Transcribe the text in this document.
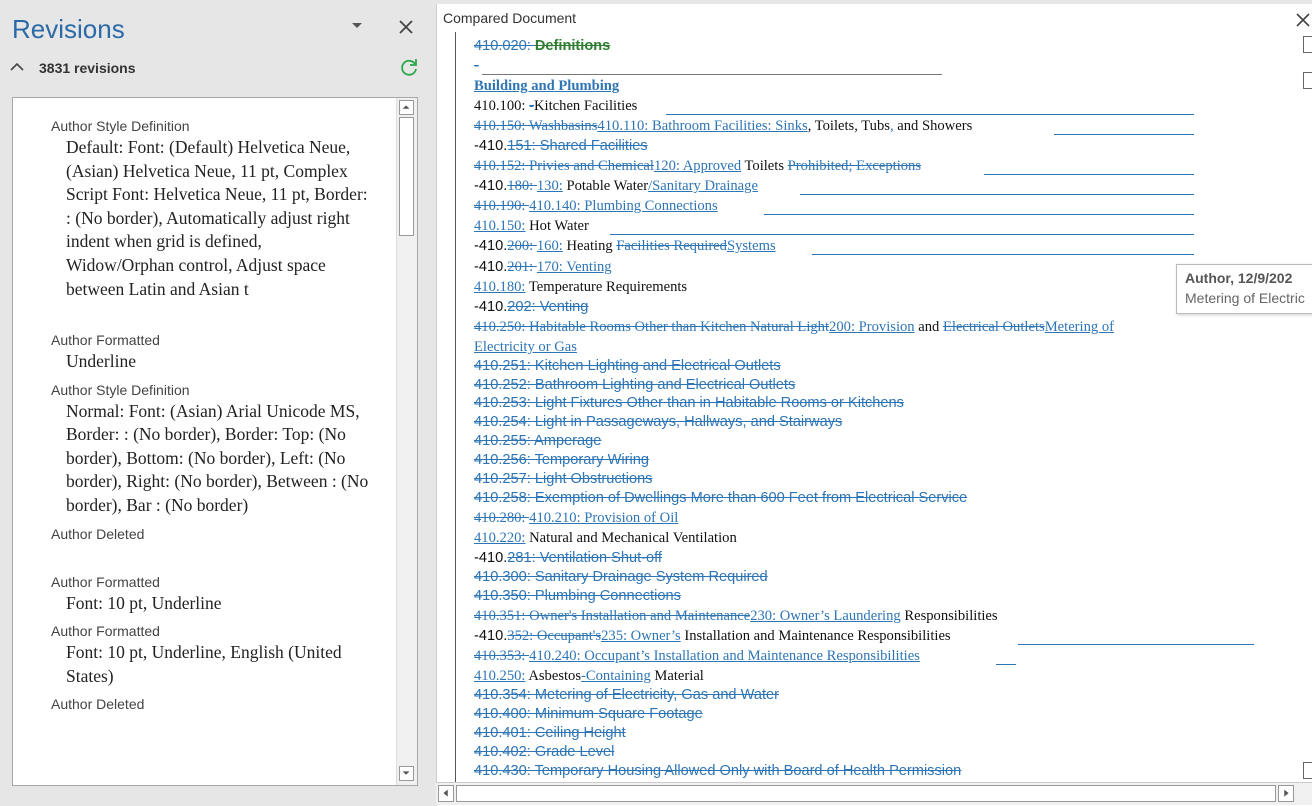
Revisions
3831 revisions

Author Style Definition

Default: Font: (Default) Helvetica Neue, (Asian) Helvetica Neue, 11 pt, Complex Script Font: Helvetica Neue, 11 pt, Border: : (No border), Automatically adjust right indent when grid is defined, Widow/Orphan control, Adjust space between Latin and Asian t

Author Formatted

Underline

Author Style Definition

Normal: Font: (Asian) Arial Unicode MS, Border: : (No border), Border: Top: (No border), Bottom: (No border), Left: (No border), Right: (No border), Between : (No border), Bar : (No border)

Author Deleted

Author Formatted

Font: 10 pt, Underline

Author Formatted

Font: 10 pt, Underline, English (United States)

Author Deleted

Compared Document
410.020: Definitions
-
Building and Plumbing
410.100: -Kitchen Facilities
410.150: Washbasins410.110: Bathroom Facilities: Sinks, Toilets, Tubs, and Showers
-410.151: Shared Facilities
410.152: Privies and Chemical120: Approved Toilets Prohibited; Exceptions
-410.180: 130: Potable Water/Sanitary Drainage
410.190: 410.140: Plumbing Connections
410.150: Hot Water
-410.200: 160: Heating Facilities RequiredSystems
-410.201: 170: Venting
410.180: Temperature Requirements
-410.202: Venting
410.250: Habitable Rooms Other than Kitchen Natural Light200: Provision and Electrical OutletsMetering of
Electricity or Gas
410.251: Kitchen Lighting and Electrical Outlets
410.252: Bathroom Lighting and Electrical Outlets
410.253: Light Fixtures Other than in Habitable Rooms or Kitchens
410.254: Light in Passageways, Hallways, and Stairways
410.255: Amperage
410.256: Temporary Wiring
410.257: Light Obstructions
410.258: Exemption of Dwellings More than 600 Feet from Electrical Service
410.280: 410.210: Provision of Oil
410.220: Natural and Mechanical Ventilation
-410.281: Ventilation Shut-off
410.300: Sanitary Drainage System Required
410.350: Plumbing Connections
410.351: Owner's Installation and Maintenance230: Owner’s Laundering Responsibilities
-410.352: Occupant's235: Owner’s Installation and Maintenance Responsibilities
410.353: 410.240: Occupant’s Installation and Maintenance Responsibilities
410.250: Asbestos-Containing Material
410.354: Metering of Electricity, Gas and Water
410.400: Minimum Square Footage
410.401: Ceiling Height
410.402: Grade Level
410.430: Temporary Housing Allowed Only with Board of Health Permission
Author, 12/9/202
Metering of Electric
